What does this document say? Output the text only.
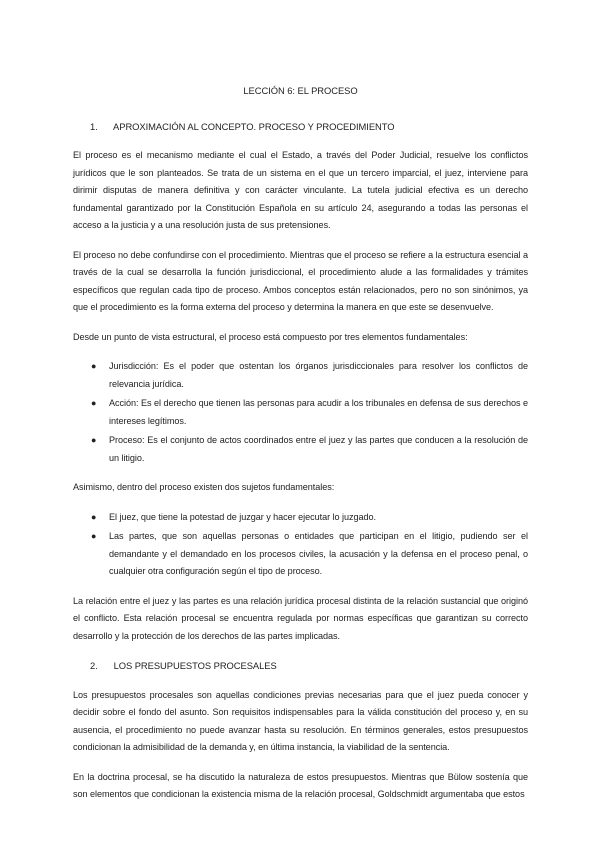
LECCIÓN 6: EL PROCESO
1. APROXIMACIÓN AL CONCEPTO. PROCESO Y PROCEDIMIENTO

El proceso es el mecanismo mediante el cual el Estado, a través del Poder Judicial, resuelve los conflictos jurídicos que le son planteados. Se trata de un sistema en el que un tercero imparcial, el juez, interviene para dirimir disputas de manera definitiva y con carácter vinculante. La tutela judicial efectiva es un derecho fundamental garantizado por la Constitución Española en su artículo 24, asegurando a todas las personas el acceso a la justicia y a una resolución justa de sus pretensiones.

El proceso no debe confundirse con el procedimiento. Mientras que el proceso se refiere a la estructura esencial a través de la cual se desarrolla la función jurisdiccional, el procedimiento alude a las formalidades y trámites específicos que regulan cada tipo de proceso. Ambos conceptos están relacionados, pero no son sinónimos, ya que el procedimiento es la forma externa del proceso y determina la manera en que este se desenvuelve.

Desde un punto de vista estructural, el proceso está compuesto por tres elementos fundamentales:

● Jurisdicción: Es el poder que ostentan los órganos jurisdiccionales para resolver los conflictos de relevancia jurídica.
● Acción: Es el derecho que tienen las personas para acudir a los tribunales en defensa de sus derechos e intereses legítimos.
● Proceso: Es el conjunto de actos coordinados entre el juez y las partes que conducen a la resolución de un litigio.

Asimismo, dentro del proceso existen dos sujetos fundamentales:

● El juez, que tiene la potestad de juzgar y hacer ejecutar lo juzgado.
● Las partes, que son aquellas personas o entidades que participan en el litigio, pudiendo ser el demandante y el demandado en los procesos civiles, la acusación y la defensa en el proceso penal, o cualquier otra configuración según el tipo de proceso.

La relación entre el juez y las partes es una relación jurídica procesal distinta de la relación sustancial que originó el conflicto. Esta relación procesal se encuentra regulada por normas específicas que garantizan su correcto desarrollo y la protección de los derechos de las partes implicadas.

2. LOS PRESUPUESTOS PROCESALES

Los presupuestos procesales son aquellas condiciones previas necesarias para que el juez pueda conocer y decidir sobre el fondo del asunto. Son requisitos indispensables para la válida constitución del proceso y, en su ausencia, el procedimiento no puede avanzar hasta su resolución. En términos generales, estos presupuestos condicionan la admisibilidad de la demanda y, en última instancia, la viabilidad de la sentencia.

En la doctrina procesal, se ha discutido la naturaleza de estos presupuestos. Mientras que Bülow sostenía que son elementos que condicionan la existencia misma de la relación procesal, Goldschmidt argumentaba que estos
